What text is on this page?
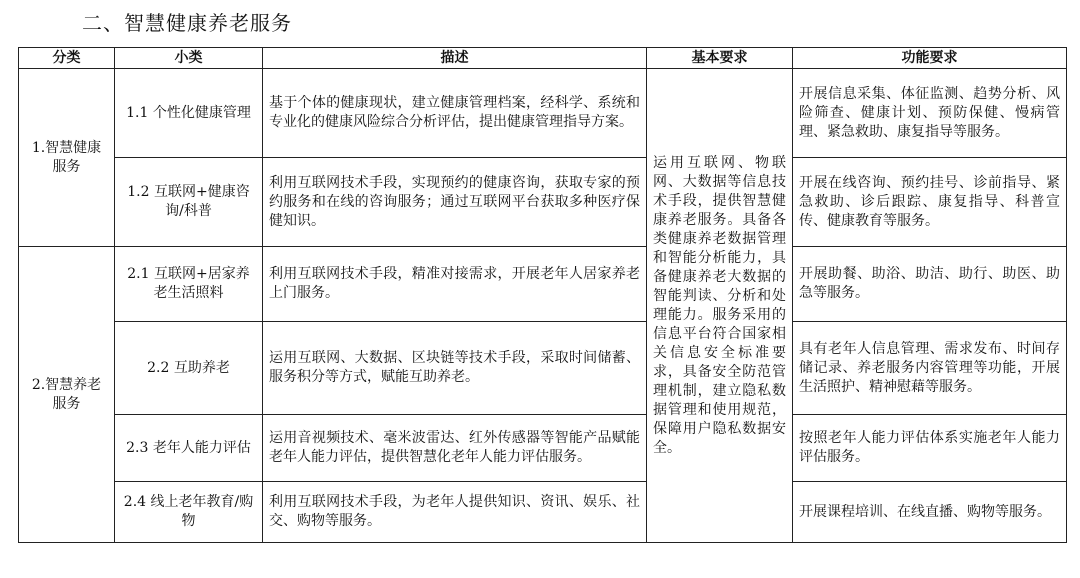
二、智慧健康养老服务
分类	小类	描述	基本要求	功能要求
1.智慧健康服务	1.1 个性化健康管理	基于个体的健康现状，建立健康管理档案，经科学、系统和专业化的健康风险综合分析评估，提出健康管理指导方案。	运用互联网、物联网、大数据等信息技术手段，提供智慧健康养老服务。具备各类健康养老数据管理和智能分析能力，具备健康养老大数据的智能判读、分析和处理能力。服务采用的信息平台符合国家相关信息安全标准要求，具备安全防范管理机制，建立隐私数据管理和使用规范，保障用户隐私数据安全。	开展信息采集、体征监测、趋势分析、风险筛查、健康计划、预防保健、慢病管理、紧急救助、康复指导等服务。
	1.2 互联网+健康咨询/科普	利用互联网技术手段，实现预约的健康咨询，获取专家的预约服务和在线的咨询服务；通过互联网平台获取多种医疗保健知识。		开展在线咨询、预约挂号、诊前指导、紧急救助、诊后跟踪、康复指导、科普宣传、健康教育等服务。
2.智慧养老服务	2.1 互联网+居家养老生活照料	利用互联网技术手段，精准对接需求，开展老年人居家养老上门服务。		开展助餐、助浴、助洁、助行、助医、助急等服务。
	2.2 互助养老	运用互联网、大数据、区块链等技术手段，采取时间储蓄、服务积分等方式，赋能互助养老。		具有老年人信息管理、需求发布、时间存储记录、养老服务内容管理等功能，开展生活照护、精神慰藉等服务。
	2.3 老年人能力评估	运用音视频技术、毫米波雷达、红外传感器等智能产品赋能老年人能力评估，提供智慧化老年人能力评估服务。		按照老年人能力评估体系实施老年人能力评估服务。
	2.4 线上老年教育/购物	利用互联网技术手段，为老年人提供知识、资讯、娱乐、社交、购物等服务。		开展课程培训、在线直播、购物等服务。
